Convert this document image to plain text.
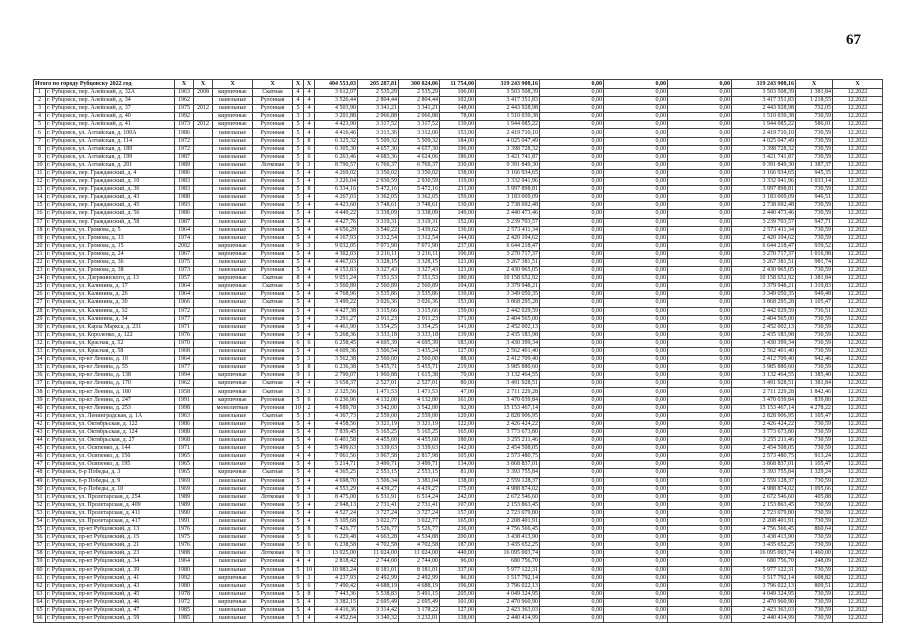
67
Итого по городу Рубцовску 2022 год		X	X	X	X	X	X	404 553,03	205 287,81	300 824,06	11 754,00	319 243 908,16	0,00	0,00	0,00	319 243 908,16	X	X
1	г. Рубцовск, пер. Алейский, д. 32А	1963	2008	кирпичные	Скатная	4	4	3 612,07	2 535,29	2 535,29	106,00	3 503 508,39	0,00	0,00	0,00	3 503 508,39	1 381,84	12.2022
2	г. Рубцовск, пер. Алейский, д. 34	1962		панельные	Рулонная	4	4	3 526,44	2 804,44	2 804,44	102,00	3 417 351,83	0,00	0,00	0,00	3 417 351,83	1 218,55	12.2022
3	г. Рубцовск, пер. Алейский, д. 37	1975	2012	панельные	Рулонная	5	4	4 503,90	3 341,21	3 341,21	148,00	2 443 928,98	0,00	0,00	0,00	2 443 928,98	732,05	12.2022
4	г. Рубцовск, пер. Алейский, д. 40	1992		кирпичные	Рулонная	3	3	3 201,88	2 066,88	2 066,88	78,00	1 510 039,38	0,00	0,00	0,00	1 510 039,38	730,59	12.2022
5	г. Рубцовск, пер. Алейский, д. 41	1973	2012	кирпичные	Рулонная	5	4	4 423,90	3 317,52	3 317,52	139,00	1 944 085,22	0,00	0,00	0,00	1 944 085,22	586,01	12.2022
6	г. Рубцовск, ул. Алтайская, д. 100А	1986		панельные	Рулонная	5	4	4 416,46	3 313,36	3 312,00	153,00	2 419 710,10	0,00	0,00	0,00	2 419 710,10	730,59	12.2022
7	г. Рубцовск, ул. Алтайская, д. 114	1972		панельные	Рулонная	5	8	6 325,32	5 509,32	5 509,32	184,00	4 025 047,49	0,00	0,00	0,00	4 025 047,49	730,59	12.2022
8	г. Рубцовск, ул. Алтайская, д. 189	1972		панельные	Рулонная	5	6	6 305,30	4 657,30	4 657,30	196,00	3 398 728,32	0,00	0,00	0,00	3 398 728,32	730,59	12.2022
9	г. Рубцовск, ул. Алтайская, д. 199	1987		панельные	Рулонная	5	6	6 263,46	4 683,36	4 624,06	186,00	3 421 741,87	0,00	0,00	0,00	3 421 741,87	730,59	12.2022
10	г. Рубцовск, ул. Алтайская, д. 201	1989		панельные	Лотковая	9	3	8 790,57	6 769,37	6 769,37	330,00	9 391 849,30	0,00	0,00	0,00	9 391 849,30	1 387,37	12.2022
11	г. Рубцовск, пер. Гражданский, д. 4	1986		панельные	Рулонная	5	4	4 269,02	3 350,02	3 350,02	138,00	3 166 934,65	0,00	0,00	0,00	3 166 934,65	945,35	12.2022
12	г. Рубцовск, пер. Гражданский, д. 10	1983		панельные	Рулонная	5	4	3 226,04	2 930,59	2 930,59	119,00	3 332 941,96	0,00	0,00	0,00	3 332 941,96	1 033,14	12.2022
13	г. Рубцовск, пер. Гражданский, д. 36	1983		панельные	Рулонная	5	8	6 334,16	5 472,16	5 472,16	231,00	3 997 898,81	0,00	0,00	0,00	3 997 898,81	730,59	12.2022
14	г. Рубцовск, пер. Гражданский, д. 43	1988		панельные	Рулонная	5	4	4 267,03	3 362,05	3 362,05	159,00	3 183 069,09	0,00	0,00	0,00	3 183 069,09	946,51	12.2022
15	г. Рубцовск, пер. Гражданский, д. 45	1993		панельные	Рулонная	5	4	4 423,60	3 748,61	3 748,61	130,00	2 738 692,48	0,00	0,00	0,00	2 738 692,48	730,59	12.2022
16	г. Рубцовск, пер. Гражданский, д. 56	1986		панельные	Рулонная	5	4	4 449,22	3 338,09	3 338,09	149,00	2 440 473,46	0,00	0,00	0,00	2 440 473,46	730,59	12.2022
17	г. Рубцовск, пер. Гражданский, д. 58	1987		панельные	Рулонная	5	4	4 427,76	3 319,31	3 319,31	152,00	3 239 703,57	0,00	0,00	0,00	3 239 703,57	947,71	12.2022
18	г. Рубцовск, ул. Громова, д. 5	1964		панельные	Рулонная	5	4	4 656,29	3 540,22	3 439,62	136,00	2 573 411,34	0,00	0,00	0,00	2 573 411,34	730,59	12.2022
19	г. Рубцовск, ул. Громова, д. 13	1974		панельные	Рулонная	5	4	4 167,93	3 312,54	3 312,54	144,00	2 420 104,62	0,00	0,00	0,00	2 420 104,62	730,59	12.2022
20	г. Рубцовск, ул. Громова, д. 15	2002		кирпичные	Рулонная	9	3	9 032,05	7 071,90	7 071,90	237,00	6 644 218,47	0,00	0,00	0,00	6 644 218,47	939,52	12.2022
21	г. Рубцовск, ул. Громова, д. 24	1967		кирпичные	Рулонная	5	4	4 302,03	3 216,11	3 216,11	106,00	3 270 717,37	0,00	0,00	0,00	3 270 717,37	1 016,98	12.2022
22	г. Рубцовск, ул. Громова, д. 36	1975		панельные	Рулонная	5	4	4 467,03	3 328,15	3 328,15	121,00	3 267 381,51	0,00	0,00	0,00	3 267 381,51	981,74	12.2022
23	г. Рубцовск, ул. Громова, д. 38	1973		панельные	Рулонная	5	4	4 153,83	3 327,43	3 327,43	121,00	2 430 965,05	0,00	0,00	0,00	2 430 965,05	730,59	12.2022
24	г. Рубцовск, ул. Дзержинского, д. 13	1957		кирпичные	Скатная	8	4	9 051,24	7 351,53	7 351,53	180,00	10 158 652,92	0,00	0,00	0,00	10 158 652,92	1 381,84	12.2022
25	г. Рубцовск, ул. Калинина, д. 17	1964		кирпичные	Скатная	5	4	3 560,89	2 560,89	2 560,89	104,00	3 379 948,21	0,00	0,00	0,00	3 379 948,21	1 319,83	12.2022
26	г. Рубцовск, ул. Калинина, д. 26	1964		панельные	Рулонная	5	4	4 768,96	3 535,86	3 535,86	139,00	3 349 050,35	0,00	0,00	0,00	3 349 050,35	949,48	12.2022
27	г. Рубцовск, ул. Калинина, д. 30	1966		панельные	Скатная	5	4	3 499,22	3 026,36	3 026,36	153,00	3 868 295,28	0,00	0,00	0,00	3 868 295,28	1 105,47	12.2022
28	г. Рубцовск, ул. Калинина, д. 32	1972		панельные	Рулонная	5	4	4 427,38	3 315,66	3 315,66	159,00	2 442 029,59	0,00	0,00	0,00	2 442 029,59	736,51	12.2022
29	г. Рубцовск, ул. Калинина, д. 34	1977		панельные	Рулонная	5	4	3 291,27	2 911,23	2 911,23	171,00	2 404 565,00	0,00	0,00	0,00	2 404 565,00	730,59	12.2022
30	г. Рубцовск, ул. Карла Маркса, д. 231	1971		панельные	Рулонная	5	4	4 461,90	3 354,25	3 354,25	141,00	2 452 002,13	0,00	0,00	0,00	2 452 002,13	730,59	12.2022
31	г. Рубцовск, ул. Короленко, д. 122	1976		панельные	Рулонная	5	4	5 268,36	3 333,18	3 333,18	139,00	2 435 183,98	0,00	0,00	0,00	2 435 183,98	730,59	12.2022
32	г. Рубцовск, ул. Красная, д. 52	1970		панельные	Рулонная	6	6	6 258,45	4 695,39	4 695,39	183,00	3 430 399,34	0,00	0,00	0,00	3 430 399,34	730,59	12.2022
33	г. Рубцовск, ул. Красная, д. 58	1968		панельные	Рулонная	5	4	4 609,36	3 506,54	3 435,24	127,00	2 562 401,40	0,00	0,00	0,00	2 562 401,40	730,59	12.2022
34	г. Рубцовск, пр-кт Ленина, д. 10	1964		панельные	Рулонная	5	3	3 562,38	2 560,00	2 560,00	88,00	2 412 709,40	0,00	0,00	0,00	2 412 709,40	942,46	12.2022
35	г. Рубцовск, пр-кт Ленина, д. 55	1977		панельные	Рулонная	5	8	6 236,38	5 455,71	5 455,71	219,00	3 985 880,60	0,00	0,00	0,00	3 985 880,60	730,59	12.2022
36	г. Рубцовск, пр-кт Ленина, д. 138	1994		кирпичные	Рулонная	9	1	2 790,07	1 960,88	1 615,38	70,00	3 132 464,55	0,00	0,00	0,00	3 132 464,55	1 385,40	12.2022
37	г. Рубцовск, пр-кт Ленина, д. 170	1962		кирпичные	Скатная	4	4	3 658,37	2 527,01	2 527,01	80,00	3 491 928,51	0,00	0,00	0,00	3 491 928,51	1 381,84	12.2022
38	г. Рубцовск, пр-кт Ленина, д. 180	1958		кирпичные	Скатная	3	3	2 325,56	1 471,53	1 471,53	47,00	2 711 229,28	0,00	0,00	0,00	2 711 229,28	1 842,46	12.2022
39	г. Рубцовск, пр-кт Ленина, д. 247	1991		кирпичные	Рулонная	5	6	6 236,96	4 132,00	4 132,00	161,00	3 470 039,84	0,00	0,00	0,00	3 470 039,84	839,80	12.2022
40	г. Рубцовск, пр-кт Ленина, д. 253	1998		монолитные	Рулонная	10	2	4 589,78	3 542,00	3 542,00	92,00	15 153 467,14	0,00	0,00	0,00	15 153 467,14	4 278,22	12.2022
41	г. Рубцовск, ул. Ленинградская, д. 1А	1963		панельные	Скатная	5	3	4 367,73	2 559,00	2 559,00	120,00	2 828 906,95	0,00	0,00	0,00	2 828 906,95	1 105,47	12.2022
42	г. Рубцовск, ул. Октябрьская, д. 122	1986		панельные	Рулонная	5	4	4 458,56	3 321,19	3 321,19	122,00	2 426 424,22	0,00	0,00	0,00	2 426 424,22	730,59	12.2022
43	г. Рубцовск, ул. Октябрьская, д. 124	1988		панельные	Рулонная	5	4	7 839,45	5 165,25	5 165,25	165,00	3 773 673,80	0,00	0,00	0,00	3 773 673,80	730,59	12.2022
44	г. Рубцовск, ул. Октябрьская, д. 27	1968		панельные	Рулонная	5	4	6 401,58	4 455,60	4 455,60	180,00	3 255 211,46	0,00	0,00	0,00	3 255 211,46	730,59	12.2022
45	г. Рубцовск, ул. Осипенко, д. 144	1971		панельные	Рулонная	5	4	5 499,63	3 339,63	3 339,63	142,00	2 454 508,05	0,00	0,00	0,00	2 454 508,05	730,59	12.2022
46	г. Рубцовск, ул. Осипенко, д. 156	1965		панельные	Рулонная	4	4	7 061,56	3 967,58	2 817,98	105,00	2 573 480,75	0,00	0,00	0,00	2 573 480,75	913,24	12.2022
47	г. Рубцовск, ул. Осипенко, д. 195	1965		панельные	Рулонная	5	4	5 214,71	3 499,71	3 499,71	134,00	3 868 837,01	0,00	0,00	0,00	3 868 837,01	1 105,47	12.2022
48	г. Рубцовск, б-р Победы, д. 3	1965		кирпичные	Скатная	5	4	4 365,25	2 553,15	2 553,15	81,00	3 393 755,84	0,00	0,00	0,00	3 393 755,84	1 329,24	12.2022
49	г. Рубцовск, б-р Победы, д. 9	1969		панельные	Рулонная	5	4	4 698,70	3 506,34	3 381,04	138,00	2 559 128,37	0,00	0,00	0,00	2 559 128,37	730,59	12.2022
50	г. Рубцовск, б-р Победы, д. 10	1969		панельные	Рулонная	5	4	4 553,29	4 439,27	4 439,27	175,00	4 988 874,02	0,00	0,00	0,00	4 988 874,02	1 095,66	12.2022
51	г. Рубцовск, ул. Пролетарская, д. 254	1989		панельные	Лотковая	9	3	8 475,00	6 531,91	6 514,24	242,00	2 672 546,60	0,00	0,00	0,00	2 672 546,60	405,88	12.2022
52	г. Рубцовск, ул. Пролетарская, д. 409	1989		панельные	Рулонная	5	4	2 948,13	2 731,41	2 731,41	107,00	2 153 863,45	0,00	0,00	0,00	2 153 863,45	730,59	12.2022
53	г. Рубцовск, ул. Пролетарская, д. 411	1990		панельные	Рулонная	5	4	4 527,24	3 727,24	3 727,24	157,00	2 723 079,80	0,00	0,00	0,00	2 723 079,80	730,59	12.2022
54	г. Рубцовск, ул. Пролетарская, д. 417	1991		панельные	Рулонная	5	4	5 105,68	3 022,77	3 022,77	165,00	2 208 401,91	0,00	0,00	0,00	2 208 401,91	730,59	12.2022
55	г. Рубцовск, пр-кт Рубцовский, д. 13	1976		панельные	Рулонная	5	8	7 426,77	5 526,77	5 526,77	236,00	4 756 566,45	0,00	0,00	0,00	4 756 566,45	860,64	12.2022
56	г. Рубцовск, пр-кт Рубцовский, д. 15	1975		панельные	Рулонная	5	6	6 229,48	4 663,28	4 534,88	200,00	3 438 413,90	0,00	0,00	0,00	3 438 413,90	730,59	12.2022
57	г. Рубцовск, пр-кт Рубцовский, д. 21	1976		панельные	Рулонная	5	6	6 238,58	4 702,58	4 702,58	187,00	3 435 652,25	0,00	0,00	0,00	3 435 652,25	730,59	12.2022
58	г. Рубцовск, пр-кт Рубцовский, д. 23	1988		панельные	Лотковая	9	3	13 025,00	11 024,00	11 024,00	440,00	16 095 003,74	0,00	0,00	0,00	16 095 003,74	1 460,00	12.2022
59	г. Рубцовск, пр-кт Рубцовский, д. 34	1964		панельные	Рулонная	4	4	2 818,42	2 744,00	2 744,00	96,00	680 756,70	0,00	0,00	0,00	680 756,70	248,09	12.2022
60	г. Рубцовск, пр-кт Рубцовский, д. 39	1980		панельные	Рулонная	5	10	10 983,24	8 181,01	8 181,01	337,00	5 977 122,31	0,00	0,00	0,00	5 977 122,31	730,59	12.2022
61	г. Рубцовск, пр-кт Рубцовский, д. 41	1992		кирпичные	Рулонная	9	3	4 237,93	2 492,99	2 492,99	86,00	1 517 792,14	0,00	0,00	0,00	1 517 792,14	608,82	12.2022
62	г. Рубцовск, пр-кт Рубцовский, д. 43	1980		панельные	Рулонная	5	6	7 490,42	4 688,19	4 688,19	196,00	3 796 022,13	0,00	0,00	0,00	3 796 022,13	809,51	12.2022
63	г. Рубцовск, пр-кт Рубцовский, д. 45	1978		панельные	Рулонная	5	8	7 443,36	5 538,83	5 491,15	205,00	4 049 324,95	0,00	0,00	0,00	4 049 324,95	730,59	12.2022
64	г. Рубцовск, пр-кт Рубцовский, д. 46	1972		кирпичные	Рулонная	5	4	3 382,15	2 695,49	2 695,49	101,00	2 470 960,90	0,00	0,00	0,00	2 470 960,90	730,59	12.2022
65	г. Рубцовск, пр-кт Рубцовский, д. 47	1985		панельные	Рулонная	5	4	4 416,36	3 314,42	3 178,22	127,00	2 423 363,03	0,00	0,00	0,00	2 423 363,03	730,59	12.2022
66	г. Рубцовск, пр-кт Рубцовский, д. 59	1985		панельные	Рулонная	5	4	4 452,64	3 340,32	3 232,01	138,00	2 440 414,99	0,00	0,00	0,00	2 440 414,99	730,59	12.2022
